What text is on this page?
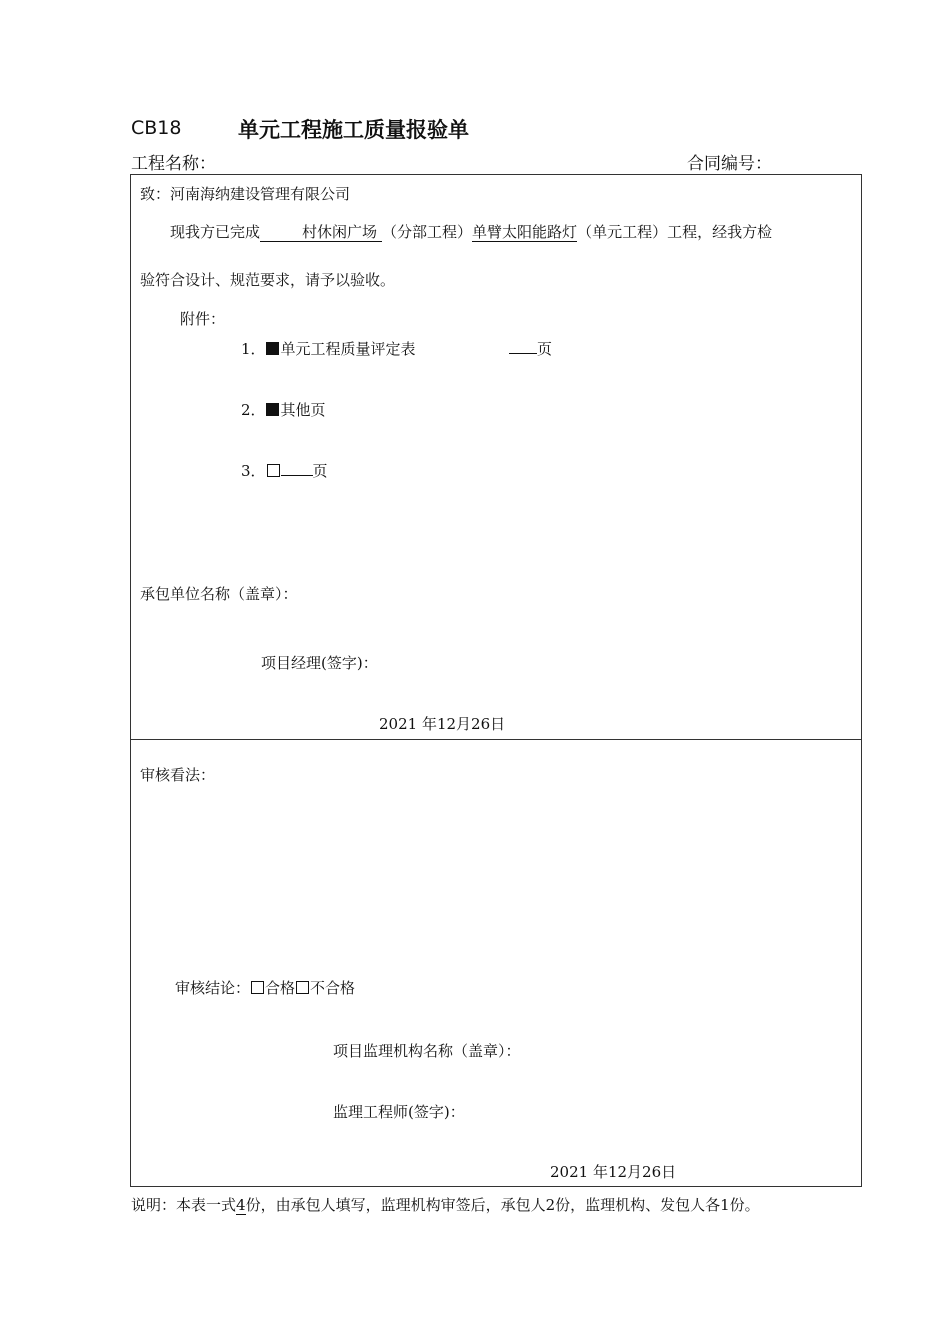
CB18	单元工程施工质量报验单
工程名称：	合同编号：
致：河南海纳建设管理有限公司
现我方已完成	村休闲广场 （分部工程）单臂太阳能路灯（单元工程）工程，经我方检
验符合设计、规范要求，请予以验收。
附件：
1． 单元工程质量评定表	页
2． 其他页
3．	页
承包单位名称（盖章）：
项目经理(签字)：
2021 年12月26日
审核看法：
审核结论： 合格 不合格
项目监理机构名称（盖章）：
监理工程师(签字)：
2021 年12月26日
说明：本表一式4份，由承包人填写，监理机构审签后，承包人2份，监理机构、发包人各1份。
